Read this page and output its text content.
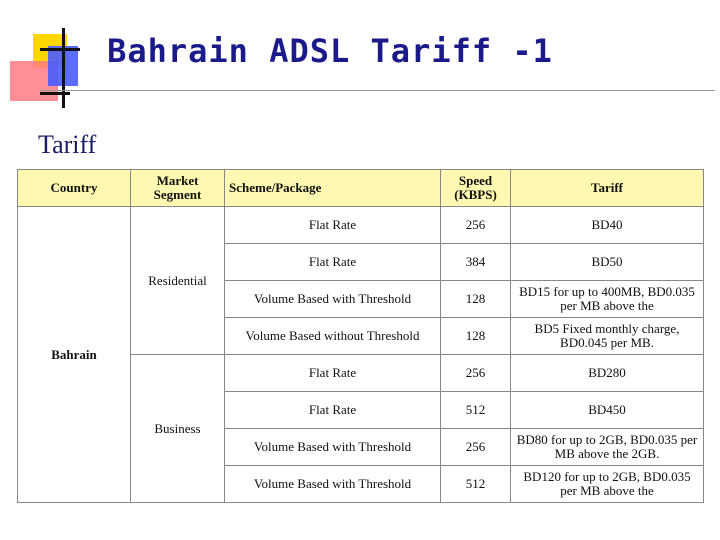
Bahrain ADSL Tariff -1
Tariff
Country	Market Segment	Scheme/Package	Speed (KBPS)	Tariff
Bahrain	Residential	Flat Rate	256	BD40
		Flat Rate	384	BD50
		Volume Based with Threshold	128	BD15 for up to 400MB, BD0.035 per MB above the
		Volume Based without Threshold	128	BD5 Fixed monthly charge, BD0.045 per MB.
	Business	Flat Rate	256	BD280
		Flat Rate	512	BD450
		Volume Based with Threshold	256	BD80 for up to 2GB, BD0.035 per MB above the 2GB.
		Volume Based with Threshold	512	BD120 for up to 2GB, BD0.035 per MB above the
